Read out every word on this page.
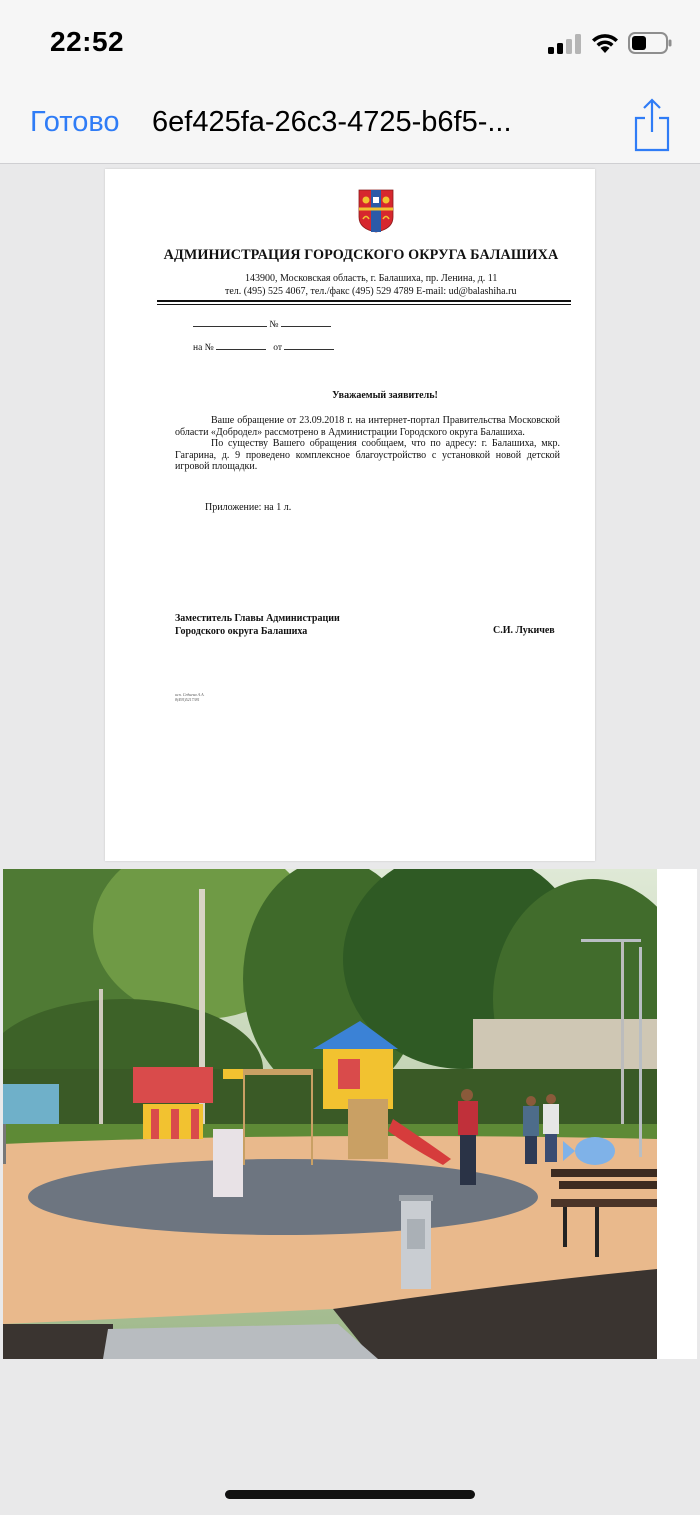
22:52
Готово 6ef425fa-26c3-4725-b6f5-...
АДМИНИСТРАЦИЯ ГОРОДСКОГО ОКРУГА БАЛАШИХА
143900, Московская область, г. Балашиха, пр. Ленина, д. 11
тел. (495) 525 4067, тел./факс (495) 529 4789 E-mail: ud@balashiha.ru
№
на №	от
Уважаемый заявитель!

Ваше обращение от 23.09.2018 г. на интернет-портал Правительства Московской области «Добродел» рассмотрено в Администрации Городского округа Балашиха.

По существу Вашего обращения сообщаем, что по адресу: г. Балашиха, мкр. Гагарина, д. 9 проведено комплексное благоустройство с установкой новой детской игровой площадки.

Приложение: на 1 л.
Заместитель Главы Администрации
Городского округа Балашиха	С.И. Лукичев
исп. Седнева А.А.
8(495)5217381
